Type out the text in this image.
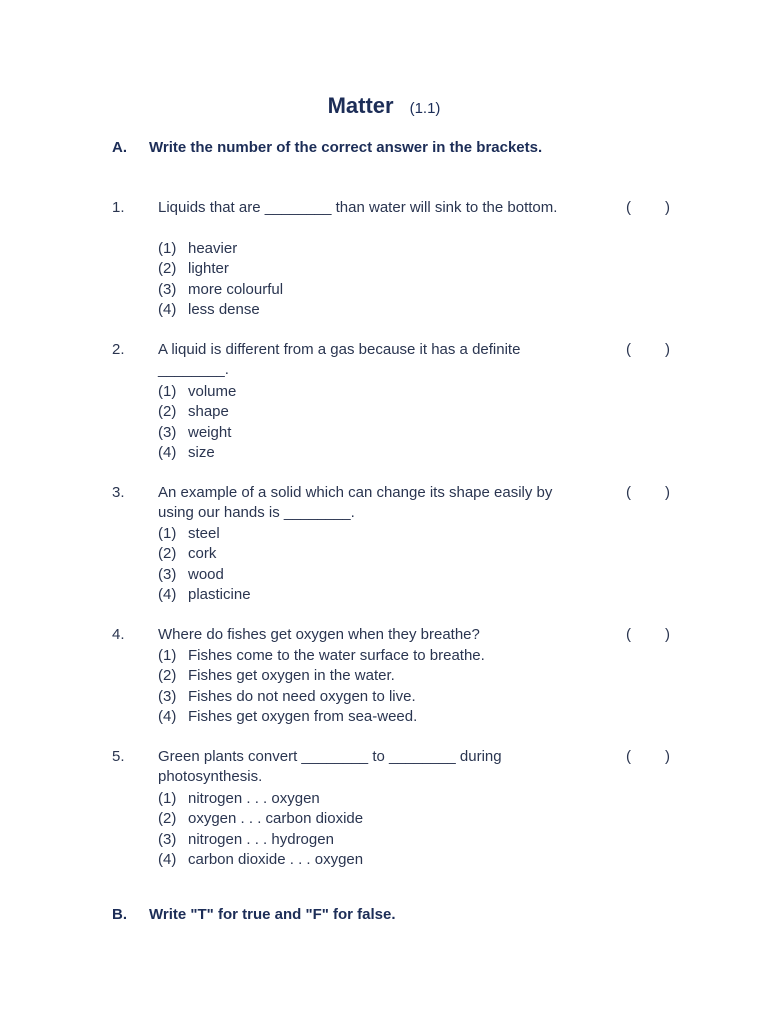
Matter (1.1)
A. Write the number of the correct answer in the brackets.
1. Liquids that are ________ than water will sink to the bottom.	( )
(1) heavier
(2) lighter
(3) more colourful
(4) less dense
2. A liquid is different from a gas because it has a definite ________.
( )
(1) volume
(2) shape
(3) weight
(4) size
3. An example of a solid which can change its shape easily by using our hands is ________.
( )
(1) steel
(2) cork
(3) wood
(4) plasticine
4. Where do fishes get oxygen when they breathe?	( )
(1) Fishes come to the water surface to breathe.
(2) Fishes get oxygen in the water.
(3) Fishes do not need oxygen to live.
(4) Fishes get oxygen from sea-weed.
5. Green plants convert ________ to ________ during photosynthesis.
( )
(1) nitrogen . . . oxygen
(2) oxygen . . . carbon dioxide
(3) nitrogen . . . hydrogen
(4) carbon dioxide . . . oxygen
B. Write "T" for true and "F" for false.
